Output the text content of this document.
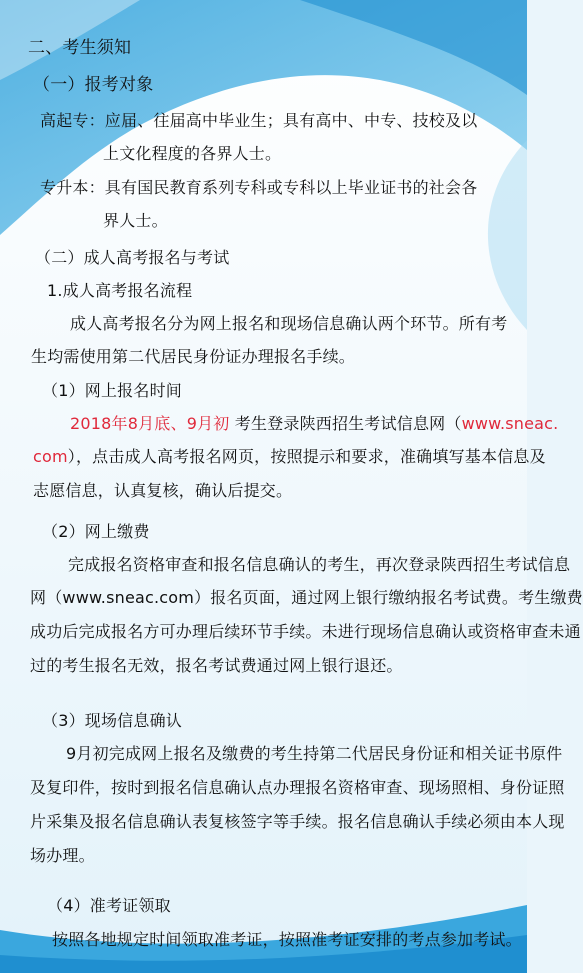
二、考生须知
（一）报考对象
高起专：应届、往届高中毕业生；具有高中、中专、技校及以
上文化程度的各界人士。
专升本：具有国民教育系列专科或专科以上毕业证书的社会各
界人士。
（二）成人高考报名与考试
1.成人高考报名流程
成人高考报名分为网上报名和现场信息确认两个环节。所有考
生均需使用第二代居民身份证办理报名手续。
（1）网上报名时间
2018年8月底、9月初 考生登录陕西招生考试信息网（www.sneac.
com），点击成人高考报名网页，按照提示和要求，准确填写基本信息及
志愿信息，认真复核，确认后提交。
（2）网上缴费
完成报名资格审查和报名信息确认的考生，再次登录陕西招生考试信息
网（www.sneac.com）报名页面，通过网上银行缴纳报名考试费。考生缴费
成功后完成报名方可办理后续环节手续。未进行现场信息确认或资格审查未通
过的考生报名无效，报名考试费通过网上银行退还。
（3）现场信息确认
9月初完成网上报名及缴费的考生持第二代居民身份证和相关证书原件
及复印件，按时到报名信息确认点办理报名资格审查、现场照相、身份证照
片采集及报名信息确认表复核签字等手续。报名信息确认手续必须由本人现
场办理。
（4）准考证领取
按照各地规定时间领取准考证，按照准考证安排的考点参加考试。
